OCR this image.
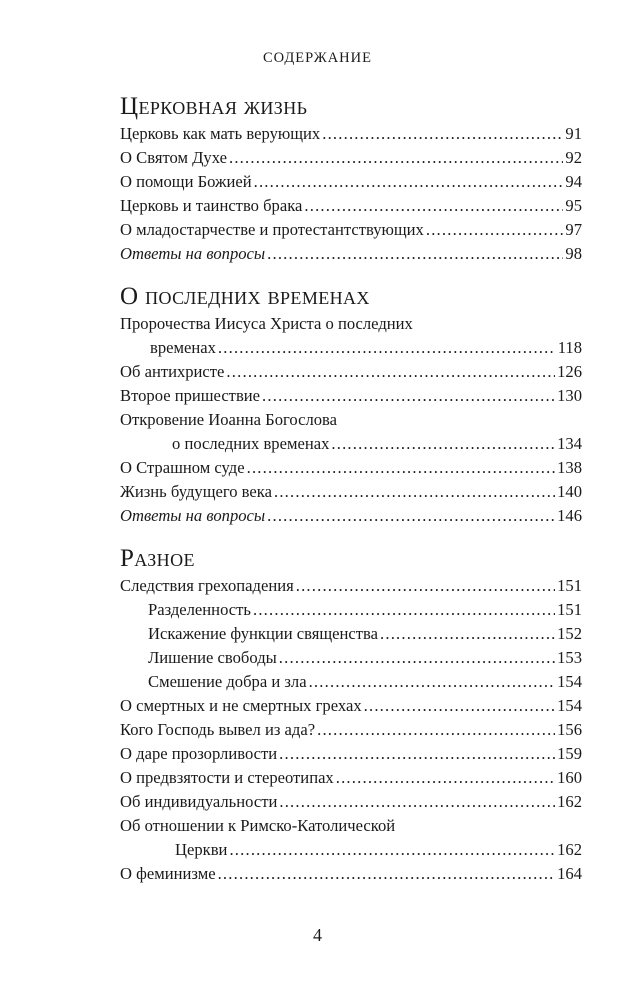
СОДЕРЖАНИЕ
Церковная жизнь
Церковь как мать верующих .....	91
О Святом Духе .....	92
О помощи Божией .....	94
Церковь и таинство брака .....	95
О младостарчестве и протестантствующих .....	97
Ответы на вопросы .....	98
О последних временах
Пророчества Иисуса Христа о последних
временах .....	118
Об антихристе .....	126
Второе пришествие .....	130
Откровение Иоанна Богослова
о последних временах .....	134
О Страшном суде .....	138
Жизнь будущего века .....	140
Ответы на вопросы .....	146
Разное
Следствия грехопадения .....	151
Разделенность .....	151
Искажение функции священства .....	152
Лишение свободы .....	153
Смешение добра и зла .....	154
О смертных и не смертных грехах .....	154
Кого Господь вывел из ада? .....	156
О даре прозорливости .....	159
О предвзятости и стереотипах .....	160
Об индивидуальности .....	162
Об отношении к Римско-Католической
Церкви .....	162
О феминизме .....	164
4
